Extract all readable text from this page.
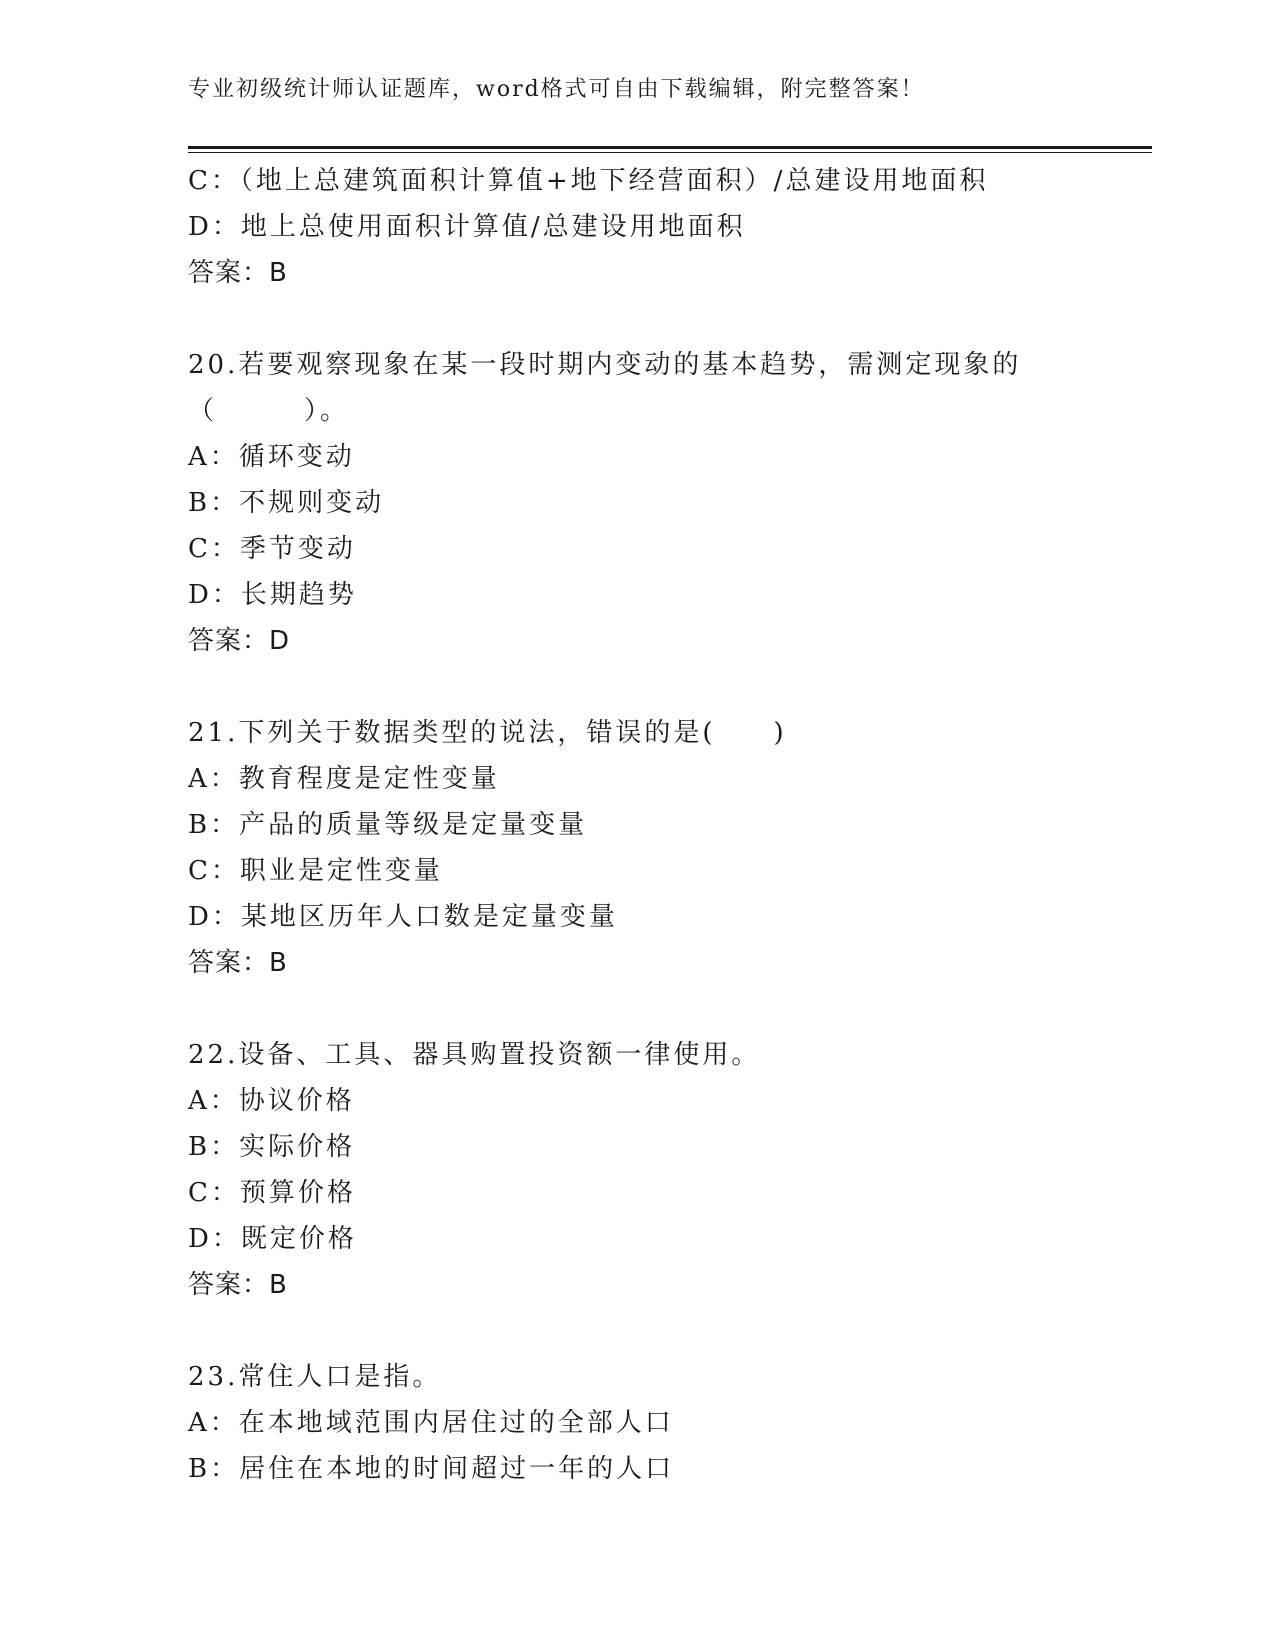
专业初级统计师认证题库，word格式可自由下载编辑，附完整答案！
C：（地上总建筑面积计算值+地下经营面积）/总建设用地面积
D：地上总使用面积计算值/总建设用地面积
答案：B
20.若要观察现象在某一段时期内变动的基本趋势，需测定现象的
（　　　）。
A：循环变动
B：不规则变动
C：季节变动
D：长期趋势
答案：D
21.下列关于数据类型的说法，错误的是(　　)
A：教育程度是定性变量
B：产品的质量等级是定量变量
C：职业是定性变量
D：某地区历年人口数是定量变量
答案：B
22.设备、工具、器具购置投资额一律使用。
A：协议价格
B：实际价格
C：预算价格
D：既定价格
答案：B
23.常住人口是指。
A：在本地域范围内居住过的全部人口
B：居住在本地的时间超过一年的人口
